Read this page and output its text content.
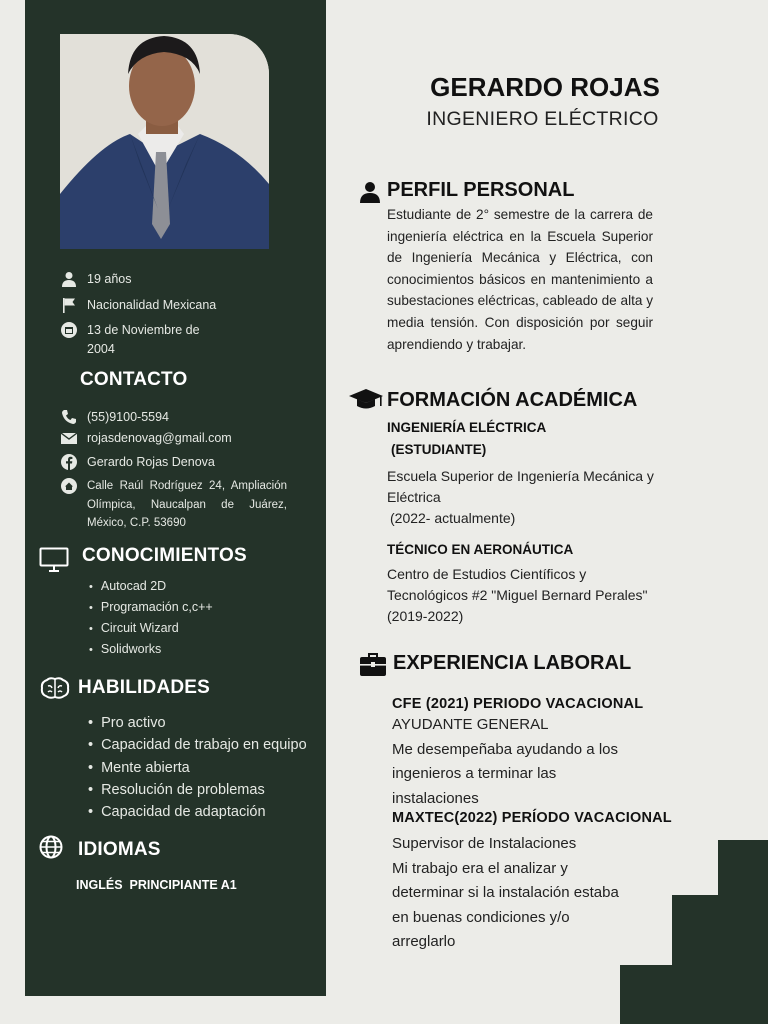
19 años
Nacionalidad Mexicana
13 de Noviembre de
2004
CONTACTO
(55)9100-5594
rojasdenovag@gmail.com
Gerardo Rojas Denova
Calle Raúl Rodríguez 24, Ampliación Olímpica, Naucalpan de Juárez, México, C.P. 53690
CONOCIMIENTOS
• Autocad 2D
• Programación c,c++
• Circuit Wizard
• Solidworks
HABILIDADES
• Pro activo
• Capacidad de trabajo en equipo
• Mente abierta
• Resolución de problemas
• Capacidad de adaptación
IDIOMAS
INGLÉS  PRINCIPIANTE A1
GERARDO ROJAS
INGENIERO ELÉCTRICO
PERFIL PERSONAL
Estudiante de 2° semestre de la carrera de ingeniería eléctrica en la Escuela Superior de Ingeniería Mecánica y Eléctrica, con conocimientos básicos en mantenimiento a subestaciones eléctricas, cableado de alta y media tensión. Con disposición por seguir aprendiendo y trabajar.
FORMACIÓN ACADÉMICA
INGENIERÍA ELÉCTRICA
(ESTUDIANTE)
Escuela Superior de Ingeniería Mecánica y
Eléctrica
(2022- actualmente)
TÉCNICO EN AERONÁUTICA
Centro de Estudios Científicos y
Tecnológicos #2 "Miguel Bernard Perales"
(2019-2022)
EXPERIENCIA LABORAL
CFE (2021) PERIODO VACACIONAL
AYUDANTE GENERAL
Me desempeñaba ayudando a los
ingenieros a terminar las
instalaciones
MAXTEC(2022) PERÍODO VACACIONAL
Supervisor de Instalaciones
Mi trabajo era el analizar y
determinar si la instalación estaba
en buenas condiciones y/o
arreglarlo
